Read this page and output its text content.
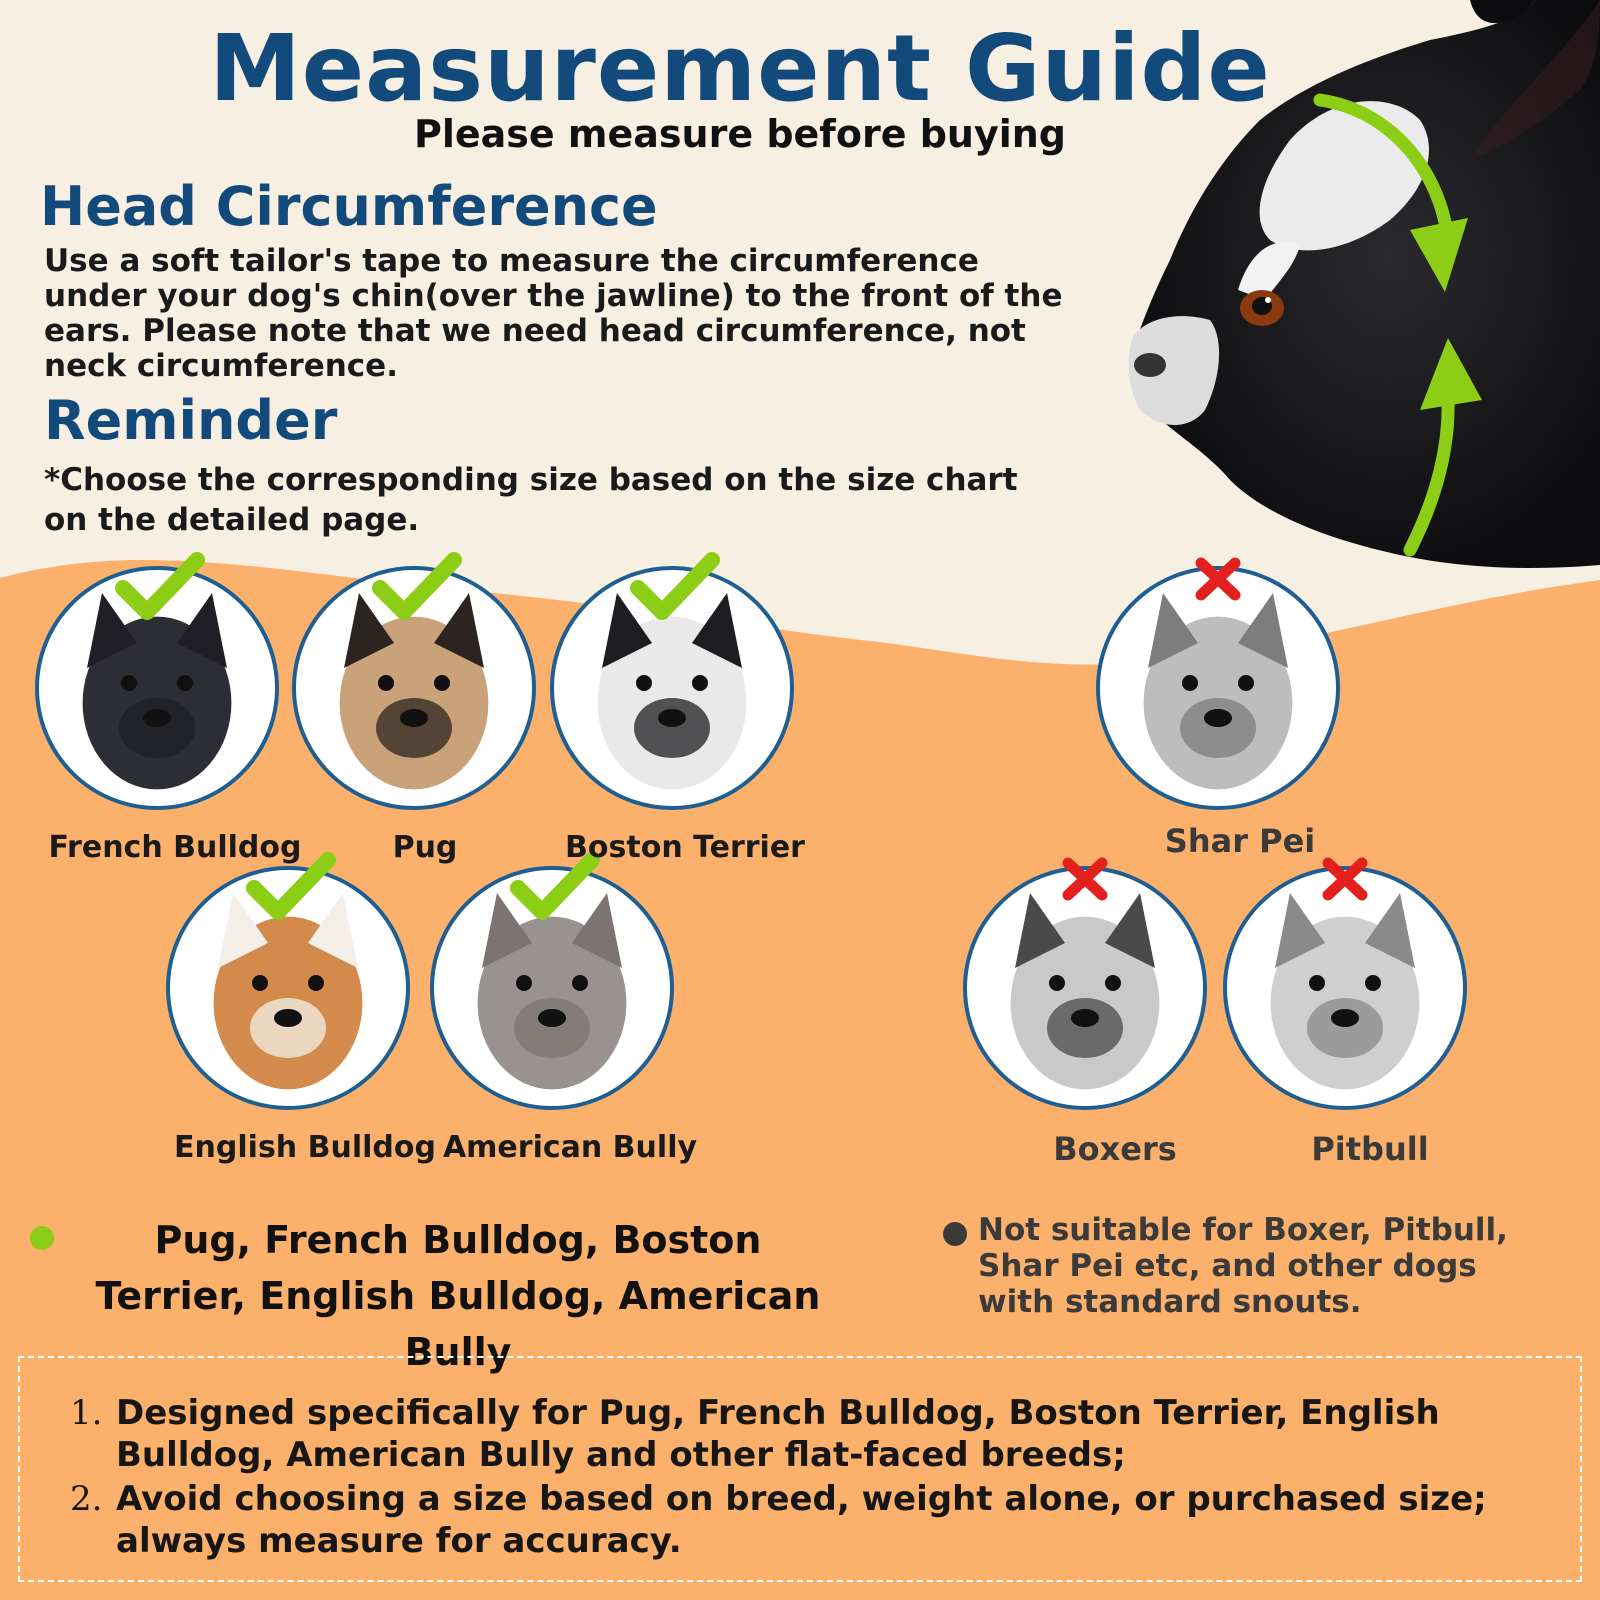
Measurement Guide

Please measure before buying

Head Circumference

Use a soft tailor's tape to measure the circumference under your dog's chin(over the jawline) to the front of the ears. Please note that we need head circumference, not neck circumference.

Reminder

*Choose the corresponding size based on the size chart on the detailed page.

French Bulldog	Pug	Boston Terrier
English Bulldog American Bully
Shar Pei
Boxers	Pitbull

Pug, French Bulldog, Boston Terrier, English Bulldog, American Bully

Not suitable for Boxer, Pitbull, Shar Pei etc, and other dogs with standard snouts.

1. Designed specifically for Pug, French Bulldog, Boston Terrier, English Bulldog, American Bully and other flat-faced breeds;
2. Avoid choosing a size based on breed, weight alone, or purchased size; always measure for accuracy.
